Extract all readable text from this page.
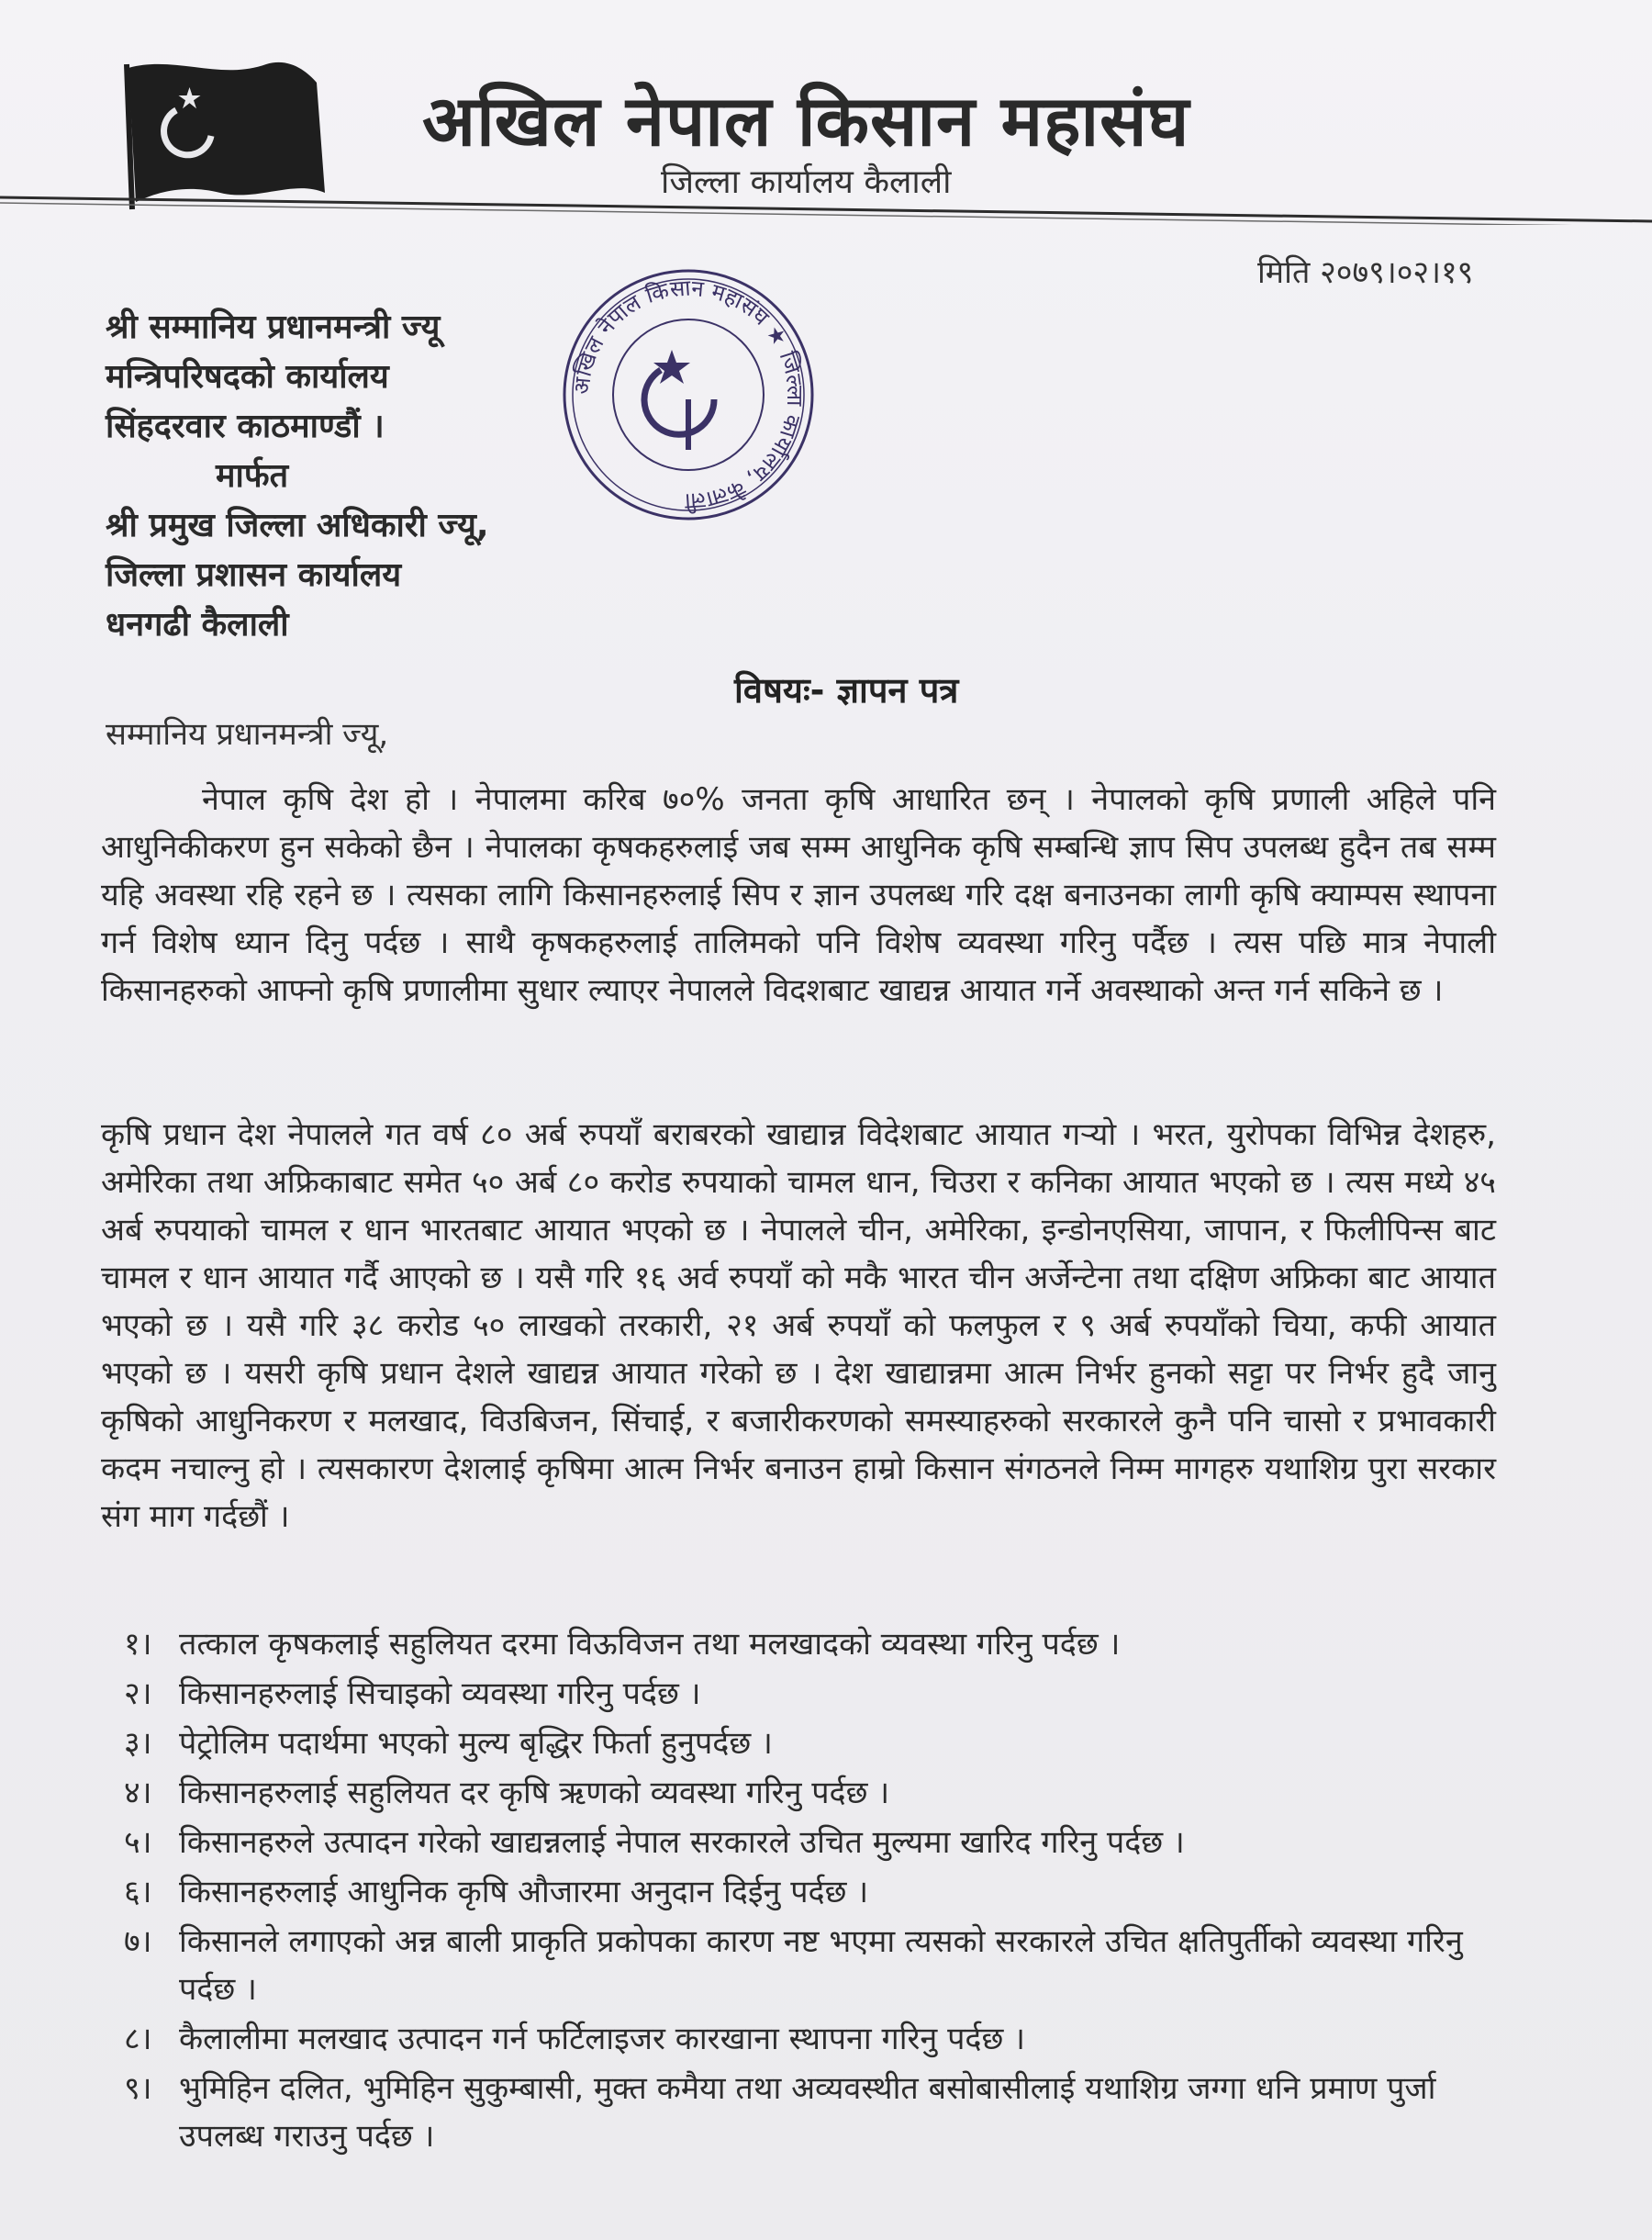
अखिल नेपाल किसान महासंघ
जिल्ला कार्यालय कैलाली
मिति २०७९।०२।१९
अखिल नेपाल किसान महासंघ ★ जिल्ला कार्यालय, कैलाली
श्री सम्मानिय प्रधानमन्त्री ज्यू
मन्त्रिपरिषदको कार्यालय
सिंहदरवार काठमाण्डौं ।
मार्फत
श्री प्रमुख जिल्ला अधिकारी ज्यू,
जिल्ला प्रशासन कार्यालय
धनगढी कैलाली
विषयः- ज्ञापन पत्र
सम्मानिय प्रधानमन्त्री ज्यू,
नेपाल कृषि देश हो । नेपालमा करिब ७०% जनता कृषि आधारित छन् । नेपालको कृषि प्रणाली अहिले पनि आधुनिकीकरण हुन सकेको छैन । नेपालका कृषकहरुलाई जब सम्म आधुनिक कृषि सम्बन्धि ज्ञाप सिप उपलब्ध हुदैन तब सम्म यहि अवस्था रहि रहने छ । त्यसका लागि किसानहरुलाई सिप र ज्ञान उपलब्ध गरि दक्ष बनाउनका लागी कृषि क्याम्पस स्थापना गर्न विशेष ध्यान दिनु पर्दछ । साथै कृषकहरुलाई तालिमको पनि विशेष व्यवस्था गरिनु पर्दैछ । त्यस पछि मात्र नेपाली किसानहरुको आफ्नो कृषि प्रणालीमा सुधार ल्याएर नेपालले विदशबाट खाद्यन्न आयात गर्ने अवस्थाको अन्त गर्न सकिने छ ।
कृषि प्रधान देश नेपालले गत वर्ष ८० अर्ब रुपयाँ बराबरको खाद्यान्न विदेशबाट आयात गऱ्यो । भरत, युरोपका विभिन्न देशहरु, अमेरिका तथा अफ्रिकाबाट समेत ५० अर्ब ८० करोड रुपयाको चामल धान, चिउरा र कनिका आयात भएको छ । त्यस मध्ये ४५ अर्ब रुपयाको चामल र धान भारतबाट आयात भएको छ । नेपालले चीन, अमेरिका, इन्डोनएसिया, जापान, र फिलीपिन्स बाट चामल र धान आयात गर्दै आएको छ । यसै गरि १६ अर्व रुपयाँ को मकै भारत चीन अर्जेन्टेना तथा दक्षिण अफ्रिका बाट आयात भएको छ । यसै गरि ३८ करोड ५० लाखको तरकारी, २१ अर्ब रुपयाँ को फलफुल र ९ अर्ब रुपयाँको चिया, कफी आयात भएको छ । यसरी कृषि प्रधान देशले खाद्यन्न आयात गरेको छ । देश खाद्यान्नमा आत्म निर्भर हुनको सट्टा पर निर्भर हुदै जानु कृषिको आधुनिकरण र मलखाद, विउबिजन, सिंचाई, र बजारीकरणको समस्याहरुको सरकारले कुनै पनि चासो र प्रभावकारी कदम नचाल्नु हो । त्यसकारण देशलाई कृषिमा आत्म निर्भर बनाउन हाम्रो किसान संगठनले निम्म मागहरु यथाशिग्र पुरा सरकार संग माग गर्दछौं ।
१। तत्काल कृषकलाई सहुलियत दरमा विऊविजन तथा मलखादको व्यवस्था गरिनु पर्दछ ।
२। किसानहरुलाई सिचाइको व्यवस्था गरिनु पर्दछ ।
३। पेट्रोलिम पदार्थमा भएको मुल्य बृद्धिर फिर्ता हुनुपर्दछ ।
४। किसानहरुलाई सहुलियत दर कृषि ऋणको व्यवस्था गरिनु पर्दछ ।
५। किसानहरुले उत्पादन गरेको खाद्यन्नलाई नेपाल सरकारले उचित मुल्यमा खारिद गरिनु पर्दछ ।
६। किसानहरुलाई आधुनिक कृषि औजारमा अनुदान दिईनु पर्दछ ।
७। किसानले लगाएको अन्न बाली प्राकृति प्रकोपका कारण नष्ट भएमा त्यसको सरकारले उचित क्षतिपुर्तीको व्यवस्था गरिनु पर्दछ ।
८। कैलालीमा मलखाद उत्पादन गर्न फर्टिलाइजर कारखाना स्थापना गरिनु पर्दछ ।
९। भुमिहिन दलित, भुमिहिन सुकुम्बासी, मुक्त कमैया तथा अव्यवस्थीत बसोबासीलाई यथाशिग्र जग्गा धनि प्रमाण पुर्जा उपलब्ध गराउनु पर्दछ ।
